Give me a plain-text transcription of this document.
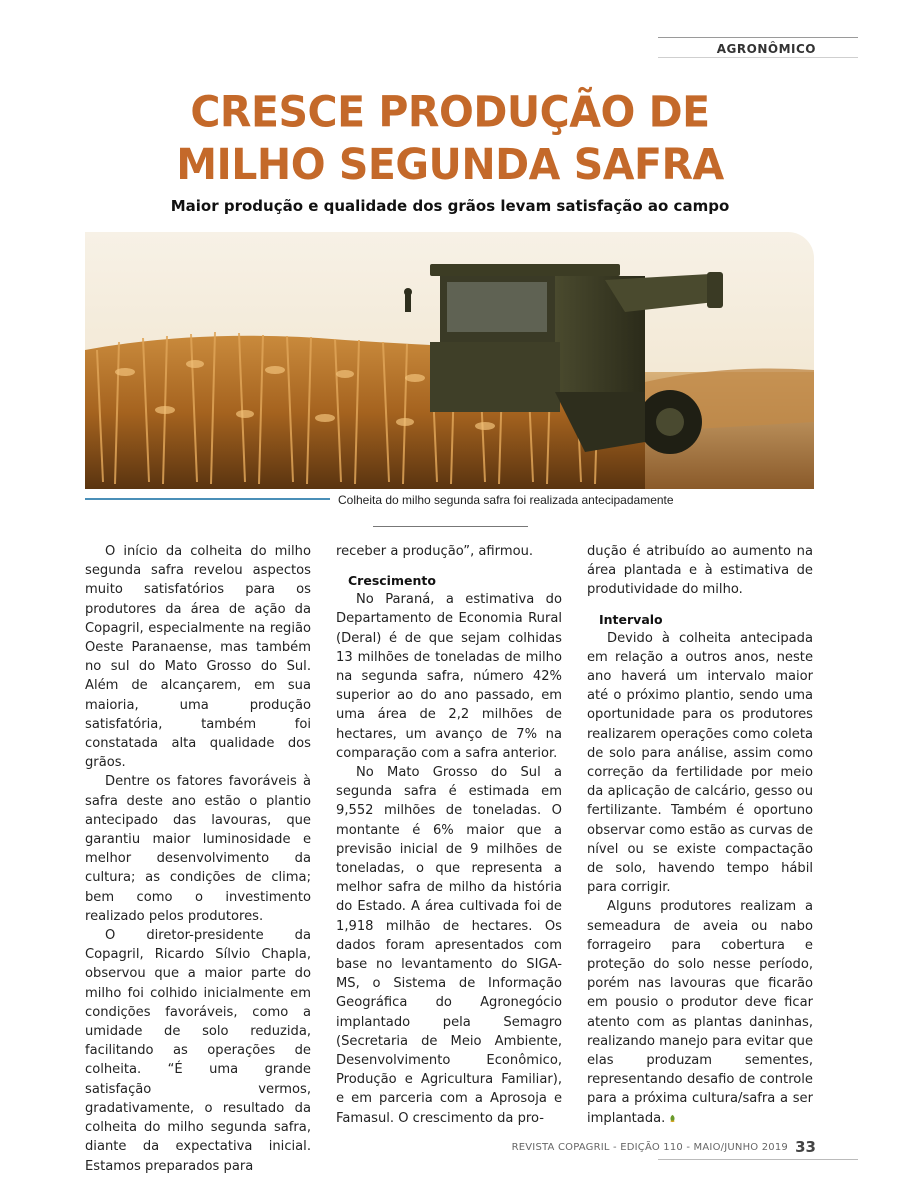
AGRONÔMICO
CRESCE PRODUÇÃO DE
MILHO SEGUNDA SAFRA
Maior produção e qualidade dos grãos levam satisfação ao campo
Colheita do milho segunda safra foi realizada antecipadamente

O início da colheita do milho segunda safra revelou aspectos muito satisfatórios para os produtores da área de ação da Copagril, especialmente na região Oeste Paranaense, mas também no sul do Mato Grosso do Sul. Além de alcançarem, em sua maioria, uma produção satisfatória, também foi constatada alta qualidade dos grãos.

Dentre os fatores favoráveis à safra deste ano estão o plantio antecipado das lavouras, que garantiu maior luminosidade e melhor desenvolvimento da cultura; as condições de clima; bem como o investimento realizado pelos produtores.

O diretor-presidente da Copagril, Ricardo Sílvio Chapla, observou que a maior parte do milho foi colhido inicialmente em condições favoráveis, como a umidade de solo reduzida, facilitando as operações de colheita. “É uma grande satisfação vermos, gradativamente, o resultado da colheita do milho segunda safra, diante da expectativa inicial. Estamos preparados para

receber a produção”, afirmou.

Crescimento

No Paraná, a estimativa do Departamento de Economia Rural (Deral) é de que sejam colhidas 13 milhões de toneladas de milho na segunda safra, número 42% superior ao do ano passado, em uma área de 2,2 milhões de hectares, um avanço de 7% na comparação com a safra anterior.

No Mato Grosso do Sul a segunda safra é estimada em 9,552 milhões de toneladas. O montante é 6% maior que a previsão inicial de 9 milhões de toneladas, o que representa a melhor safra de milho da história do Estado. A área cultivada foi de 1,918 milhão de hectares. Os dados foram apresentados com base no levantamento do SIGA-MS, o Sistema de Informação Geográfica do Agronegócio implantado pela Semagro (Secretaria de Meio Ambiente, Desenvolvimento Econômico, Produção e Agricultura Familiar), e em parceria com a Aprosoja e Famasul. O crescimento da pro-

dução é atribuído ao aumento na área plantada e à estimativa de produtividade do milho.

Intervalo

Devido à colheita antecipada em relação a outros anos, neste ano haverá um intervalo maior até o próximo plantio, sendo uma oportunidade para os produtores realizarem operações como coleta de solo para análise, assim como correção da fertilidade por meio da aplicação de calcário, gesso ou fertilizante. Também é oportuno observar como estão as curvas de nível ou se existe compactação de solo, havendo tempo hábil para corrigir.

Alguns produtores realizam a semeadura de aveia ou nabo forrageiro para cobertura e proteção do solo nesse período, porém nas lavouras que ficarão em pousio o produtor deve ficar atento com as plantas daninhas, realizando manejo para evitar que elas produzam sementes, representando desafio de controle para a próxima cultura/safra a ser implantada.

REVISTA COPAGRIL - EDIÇÃO 110 - MAIO/JUNHO 2019 33
